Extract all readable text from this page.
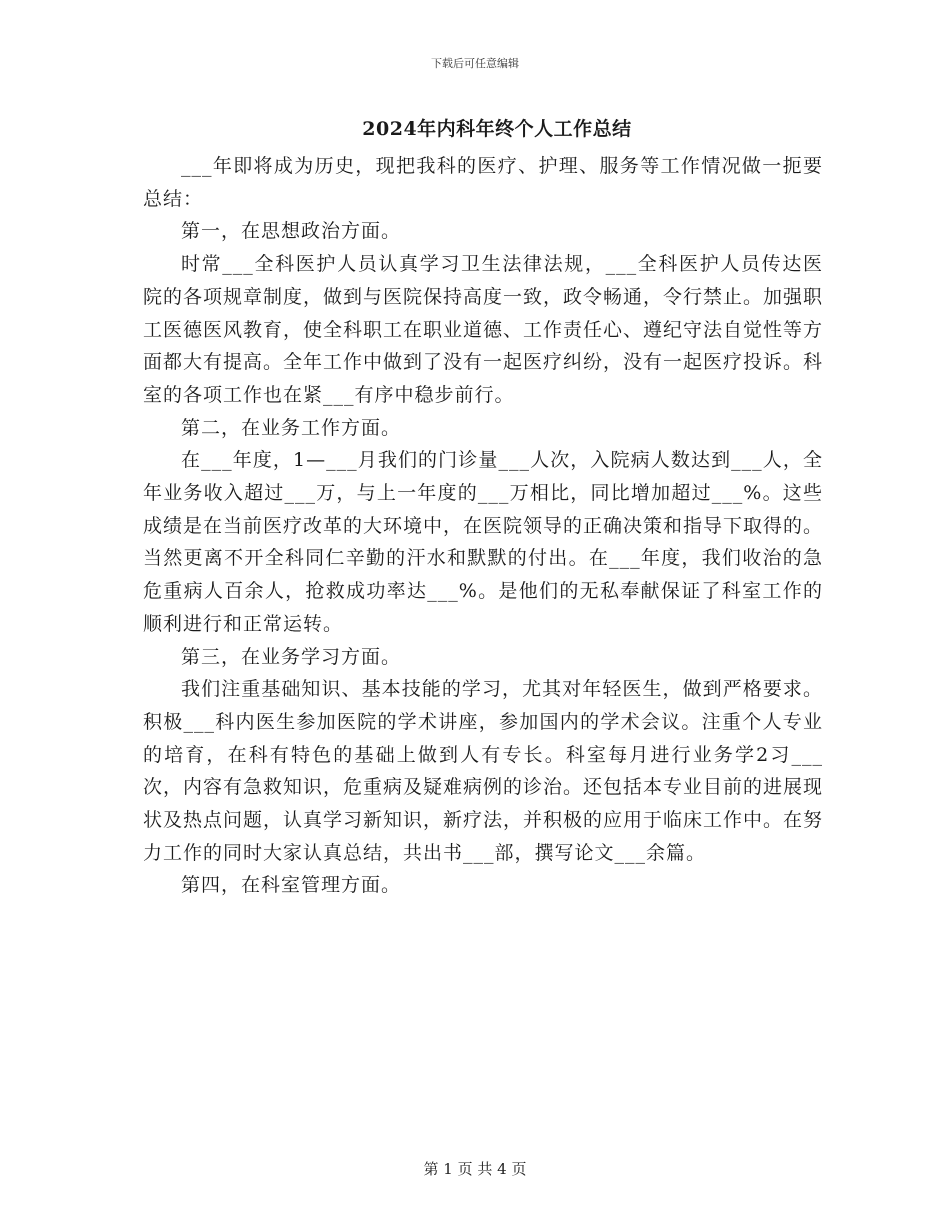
下载后可任意编辑
2024年内科年终个人工作总结

___年即将成为历史，现把我科的医疗、护理、服务等工作情况做一扼要总结：

第一，在思想政治方面。

时常___全科医护人员认真学习卫生法律法规，___全科医护人员传达医院的各项规章制度，做到与医院保持高度一致，政令畅通，令行禁止。加强职工医德医风教育，使全科职工在职业道德、工作责任心、遵纪守法自觉性等方面都大有提高。全年工作中做到了没有一起医疗纠纷，没有一起医疗投诉。科室的各项工作也在紧___有序中稳步前行。

第二，在业务工作方面。

在___年度，1—___月我们的门诊量___人次，入院病人数达到___人，全年业务收入超过___万，与上一年度的___万相比，同比增加超过___%。这些成绩是在当前医疗改革的大环境中，在医院领导的正确决策和指导下取得的。当然更离不开全科同仁辛勤的汗水和默默的付出。在___年度，我们收治的急危重病人百余人，抢救成功率达___%。是他们的无私奉献保证了科室工作的顺利进行和正常运转。

第三，在业务学习方面。

我们注重基础知识、基本技能的学习，尤其对年轻医生，做到严格要求。积极___科内医生参加医院的学术讲座，参加国内的学术会议。注重个人专业的培育，在科有特色的基础上做到人有专长。科室每月进行业务学2习___次，内容有急救知识，危重病及疑难病例的诊治。还包括本专业目前的进展现状及热点问题，认真学习新知识，新疗法，并积极的应用于临床工作中。在努力工作的同时大家认真总结，共出书___部，撰写论文___余篇。

第四，在科室管理方面。

第 1 页 共 4 页
